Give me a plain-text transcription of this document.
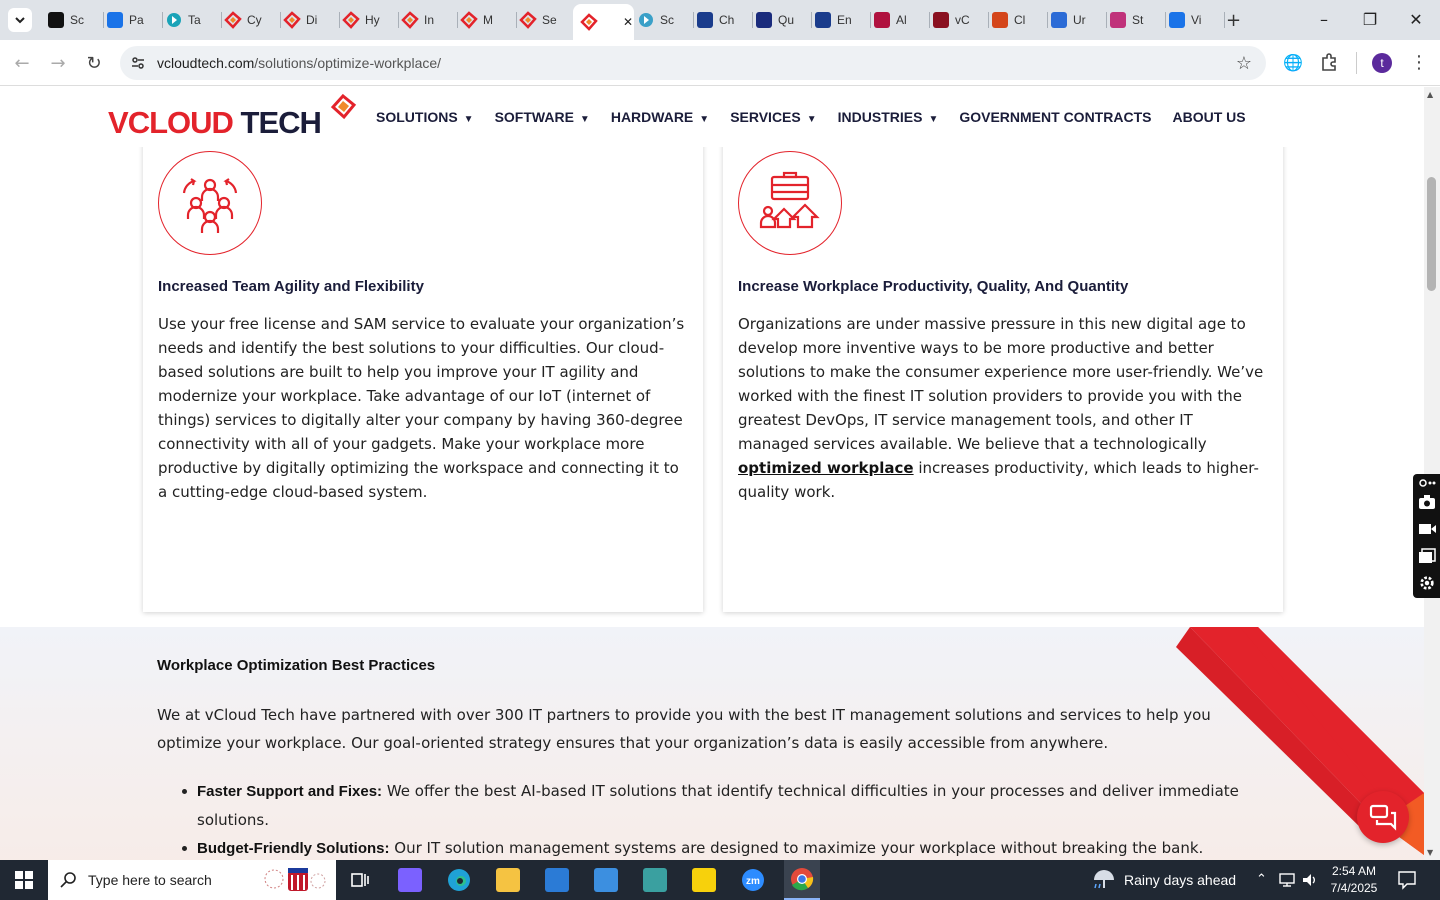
Sc	Pa	Ta	Cy	Di	Hy	In	M	Se	✕ Sc	Ch	Qu	En	Al	vC	Cl	Ur	St	Vi +	–	❐	✕
←	→	↻	vcloudtech.com/solutions/optimize-workplace/	☆ 🌐	⋮
t
VCLOUD TECH	SOLUTIONS ▼ SOFTWARE ▼ HARDWARE ▼ SERVICES ▼ INDUSTRIES ▼ GOVERNMENT CONTRACTS ABOUT US
Increased Team Agility and Flexibility
Use your free license and SAM service to evaluate your organization’s needs and identify the best solutions to your difficulties. Our cloud-based solutions are built to help you improve your IT agility and modernize your workplace. Take advantage of our IoT (internet of things) services to digitally alter your company by having 360-degree connectivity with all of your gadgets. Make your workplace more productive by digitally optimizing the workspace and connecting it to a cutting-edge cloud-based system.
Increase Workplace Productivity, Quality, And Quantity
Organizations are under massive pressure in this new digital age to develop more inventive ways to be more productive and better solutions to make the consumer experience more user-friendly. We’ve worked with the finest IT solution providers to provide you with the greatest DevOps, IT service management tools, and other IT managed services available. We believe that a technologically optimized workplace increases productivity, which leads to higher-quality work.
Workplace Optimization Best Practices
We at vCloud Tech have partnered with over 300 IT partners to provide you with the best IT management solutions and services to help you optimize your workplace. Our goal-oriented strategy ensures that your organization’s data is easily accessible from anywhere.
Faster Support and Fixes: We offer the best AI-based IT solutions that identify technical difficulties in your processes and deliver immediate solutions.
Budget-Friendly Solutions: Our IT solution management systems are designed to maximize your workplace without breaking the bank.
▲
▼
Type here to search	zm	Rainy days ahead ⌃
2:54 AM
7/4/2025
